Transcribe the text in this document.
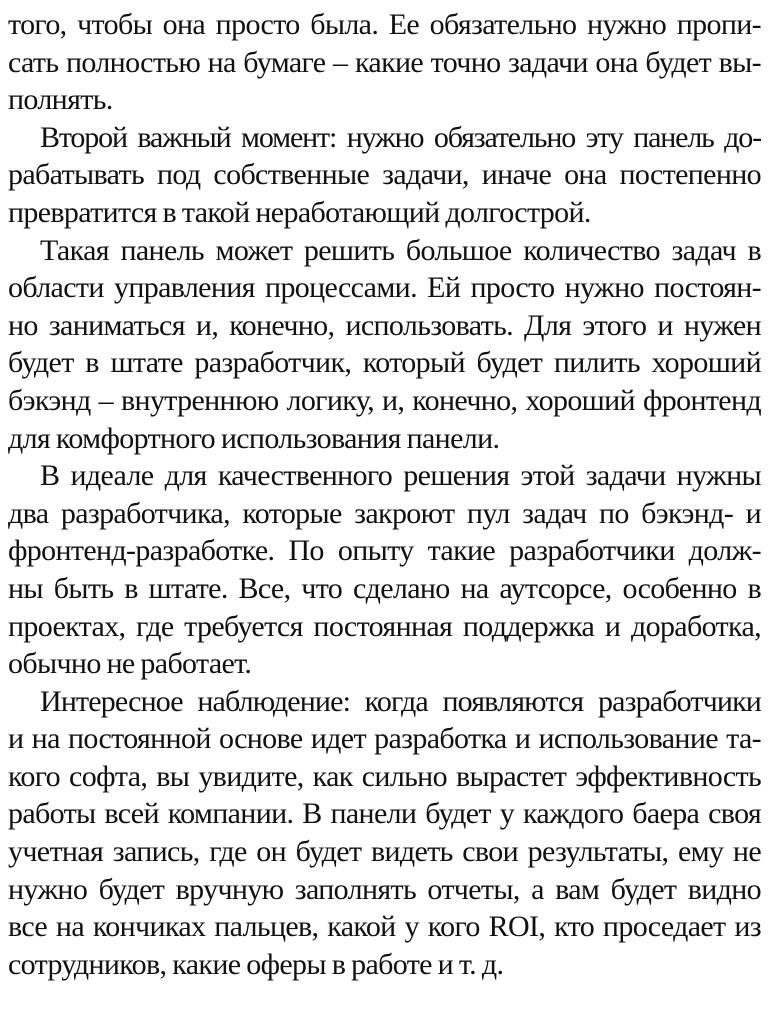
того, чтобы она просто была. Ее обязательно нужно пропи-
сать полностью на бумаге – какие точно задачи она будет вы-
полнять.

Второй важный момент: нужно обязательно эту панель до-
рабатывать под собственные задачи, иначе она постепенно
превратится в такой неработающий долгострой.

Такая панель может решить большое количество задач в
области управления процессами. Ей просто нужно постоян-
но заниматься и, конечно, использовать. Для этого и нужен
будет в штате разработчик, который будет пилить хороший
бэкэнд – внутреннюю логику, и, конечно, хороший фронтенд
для комфортного использования панели.

В идеале для качественного решения этой задачи нужны
два разработчика, которые закроют пул задач по бэкэнд- и
фронтенд-разработке. По опыту такие разработчики долж-
ны быть в штате. Все, что сделано на аутсорсе, особенно в
проектах, где требуется постоянная поддержка и доработка,
обычно не работает.

Интересное наблюдение: когда появляются разработчики
и на постоянной основе идет разработка и использование та-
кого софта, вы увидите, как сильно вырастет эффективность
работы всей компании. В панели будет у каждого баера своя
учетная запись, где он будет видеть свои результаты, ему не
нужно будет вручную заполнять отчеты, а вам будет видно
все на кончиках пальцев, какой у кого ROI, кто проседает из
сотрудников, какие оферы в работе и т. д.
